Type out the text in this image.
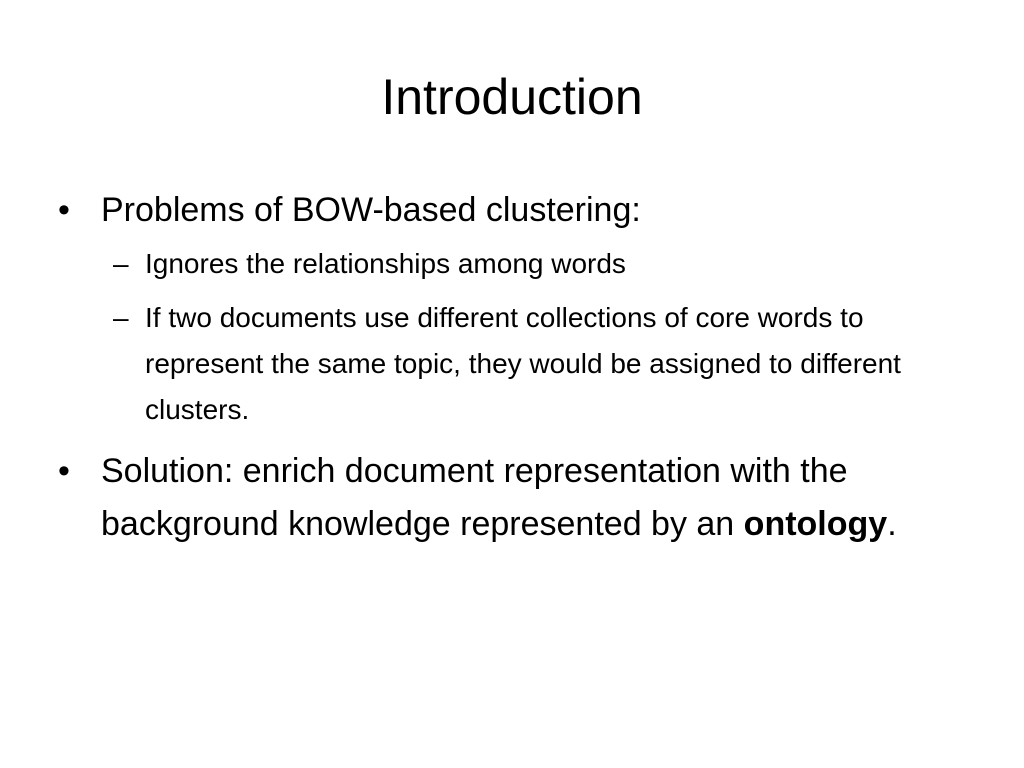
Introduction
• Problems of BOW-based clustering:
– Ignores the relationships among words
– If two documents use different collections of core words to represent the same topic, they would be assigned to different clusters.
• Solution: enrich document representation with the background knowledge represented by an ontology.
